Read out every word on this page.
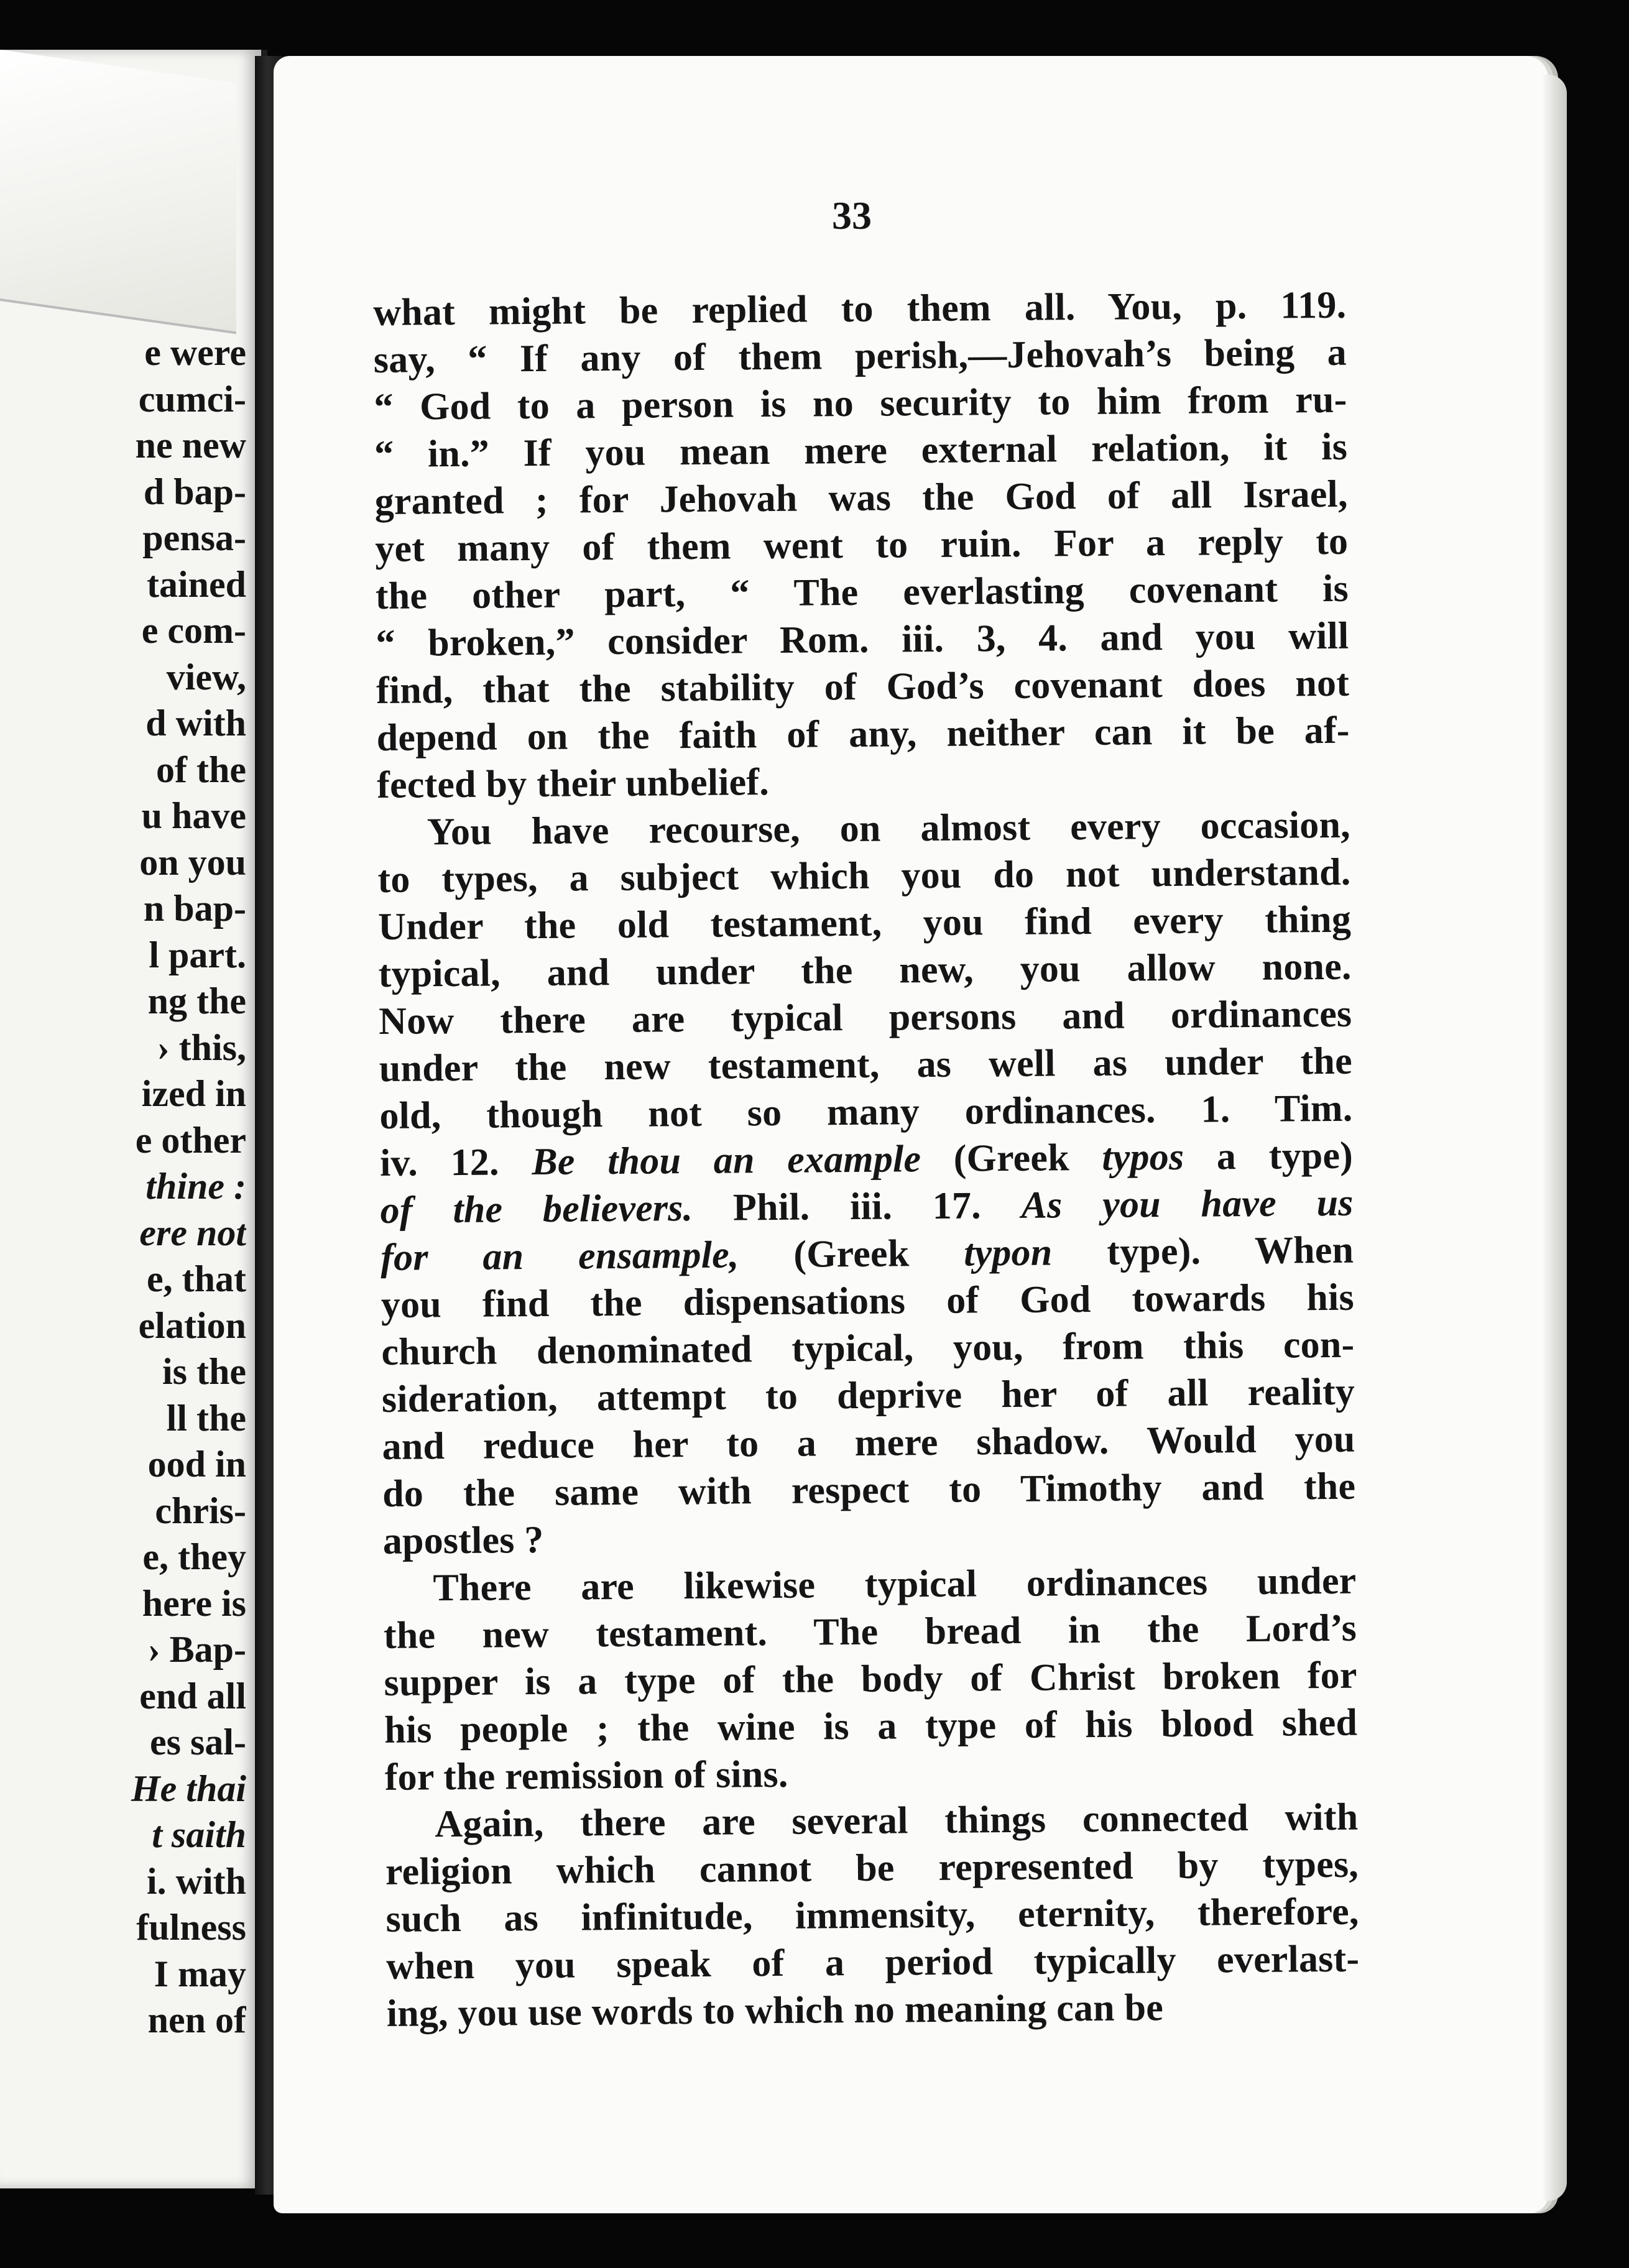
e were
cumci-
ne new
d bap-
pensa-
tained
e com-
view,
d with
of the
u have
on you
n bap-
l part.
ng the
› this,
ized in
e other
thine :
ere not
e, that
elation
is the
ll the
ood in
chris-
e, they
here is
› Bap-
end all
es sal-
He thai
t saith
i. with
fulness
I may
nen of
33
what might be replied to them all. You, p. 119.
say, “ If any of them perish,—Jehovah’s being a
“ God to a person is no security to him from ru-
“ in.” If you mean mere external relation, it is
granted ; for Jehovah was the God of all Israel,
yet many of them went to ruin. For a reply to
the other part, “ The everlasting covenant is
“ broken,” consider Rom. iii. 3, 4. and you will
find, that the stability of God’s covenant does not
depend on the faith of any, neither can it be af-
fected by their unbelief.
You have recourse, on almost every occasion,
to types, a subject which you do not understand.
Under the old testament, you find every thing
typical, and under the new, you allow none.
Now there are typical persons and ordinances
under the new testament, as well as under the
old, though not so many ordinances. 1. Tim.
iv. 12. Be thou an example (Greek typos a type)
of the believers. Phil. iii. 17. As you have us
for an ensample, (Greek typon type). When
you find the dispensations of God towards his
church denominated typical, you, from this con-
sideration, attempt to deprive her of all reality
and reduce her to a mere shadow. Would you
do the same with respect to Timothy and the
apostles ?
There are likewise typical ordinances under
the new testament. The bread in the Lord’s
supper is a type of the body of Christ broken for
his people ; the wine is a type of his blood shed
for the remission of sins.
Again, there are several things connected with
religion which cannot be represented by types,
such as infinitude, immensity, eternity, therefore,
when you speak of a period typically everlast-
ing, you use words to which no meaning can be
